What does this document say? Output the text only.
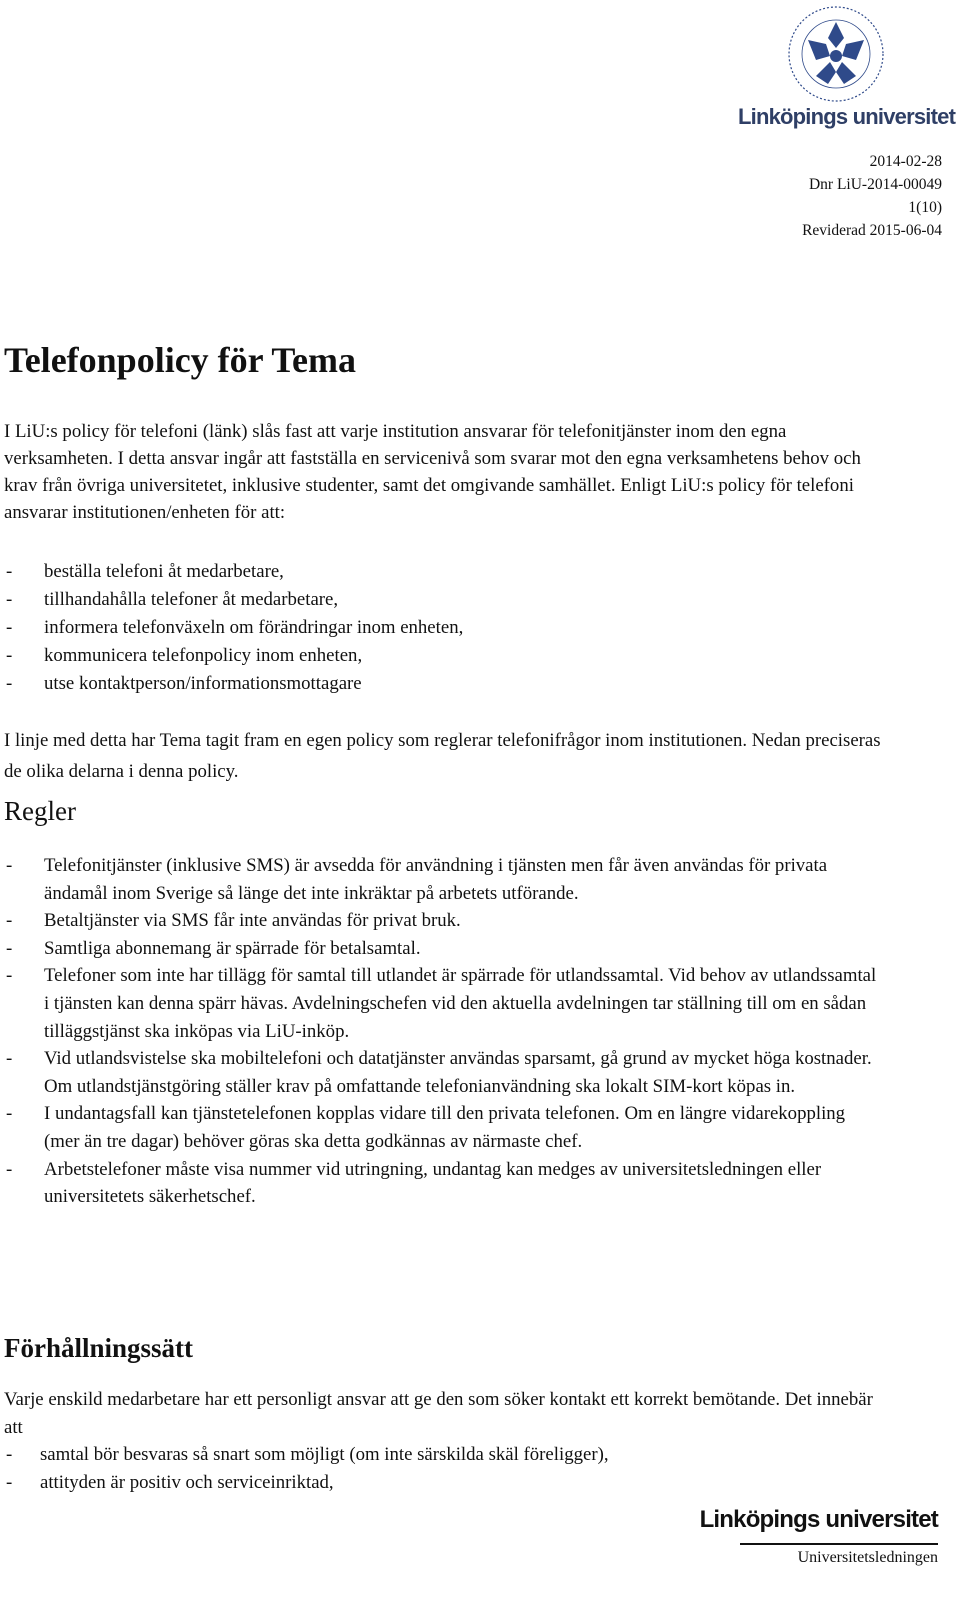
Linköpings universitet
2014-02-28
Dnr LiU-2014-00049
1(10)
Reviderad 2015-06-04
Telefonpolicy för Tema

I LiU:s policy för telefoni (länk) slås fast att varje institution ansvarar för telefonitjänster inom den egna verksamheten. I detta ansvar ingår att fastställa en servicenivå som svarar mot den egna verksamhetens behov och krav från övriga universitetet, inklusive studenter, samt det omgivande samhället. Enligt LiU:s policy för telefoni ansvarar institutionen/enheten för att:

- beställa telefoni åt medarbetare,
- tillhandahålla telefoner åt medarbetare,
- informera telefonväxeln om förändringar inom enheten,
- kommunicera telefonpolicy inom enheten,
- utse kontaktperson/informationsmottagare

I linje med detta har Tema tagit fram en egen policy som reglerar telefonifrågor inom institutionen. Nedan preciseras de olika delarna i denna policy.

Regler
- Telefonitjänster (inklusive SMS) är avsedda för användning i tjänsten men får även användas för privata ändamål inom Sverige så länge det inte inkräktar på arbetets utförande.
- Betaltjänster via SMS får inte användas för privat bruk.
- Samtliga abonnemang är spärrade för betalsamtal.
- Telefoner som inte har tillägg för samtal till utlandet är spärrade för utlandssamtal. Vid behov av utlandssamtal i tjänsten kan denna spärr hävas. Avdelningschefen vid den aktuella avdelningen tar ställning till om en sådan tilläggstjänst ska inköpas via LiU-inköp.
- Vid utlandsvistelse ska mobiltelefoni och datatjänster användas sparsamt, gå grund av mycket höga kostnader. Om utlandstjänstgöring ställer krav på omfattande telefonianvändning ska lokalt SIM-kort köpas in.
- I undantagsfall kan tjänstetelefonen kopplas vidare till den privata telefonen. Om en längre vidarekoppling (mer än tre dagar) behöver göras ska detta godkännas av närmaste chef.
- Arbetstelefoner måste visa nummer vid utringning, undantag kan medges av universitetsledningen eller universitetets säkerhetschef.
Förhållningssätt

Varje enskild medarbetare har ett personligt ansvar att ge den som söker kontakt ett korrekt bemötande. Det innebär att

- samtal bör besvaras så snart som möjligt (om inte särskilda skäl föreligger),
- attityden är positiv och serviceinriktad,
Linköpings universitet
Universitetsledningen
